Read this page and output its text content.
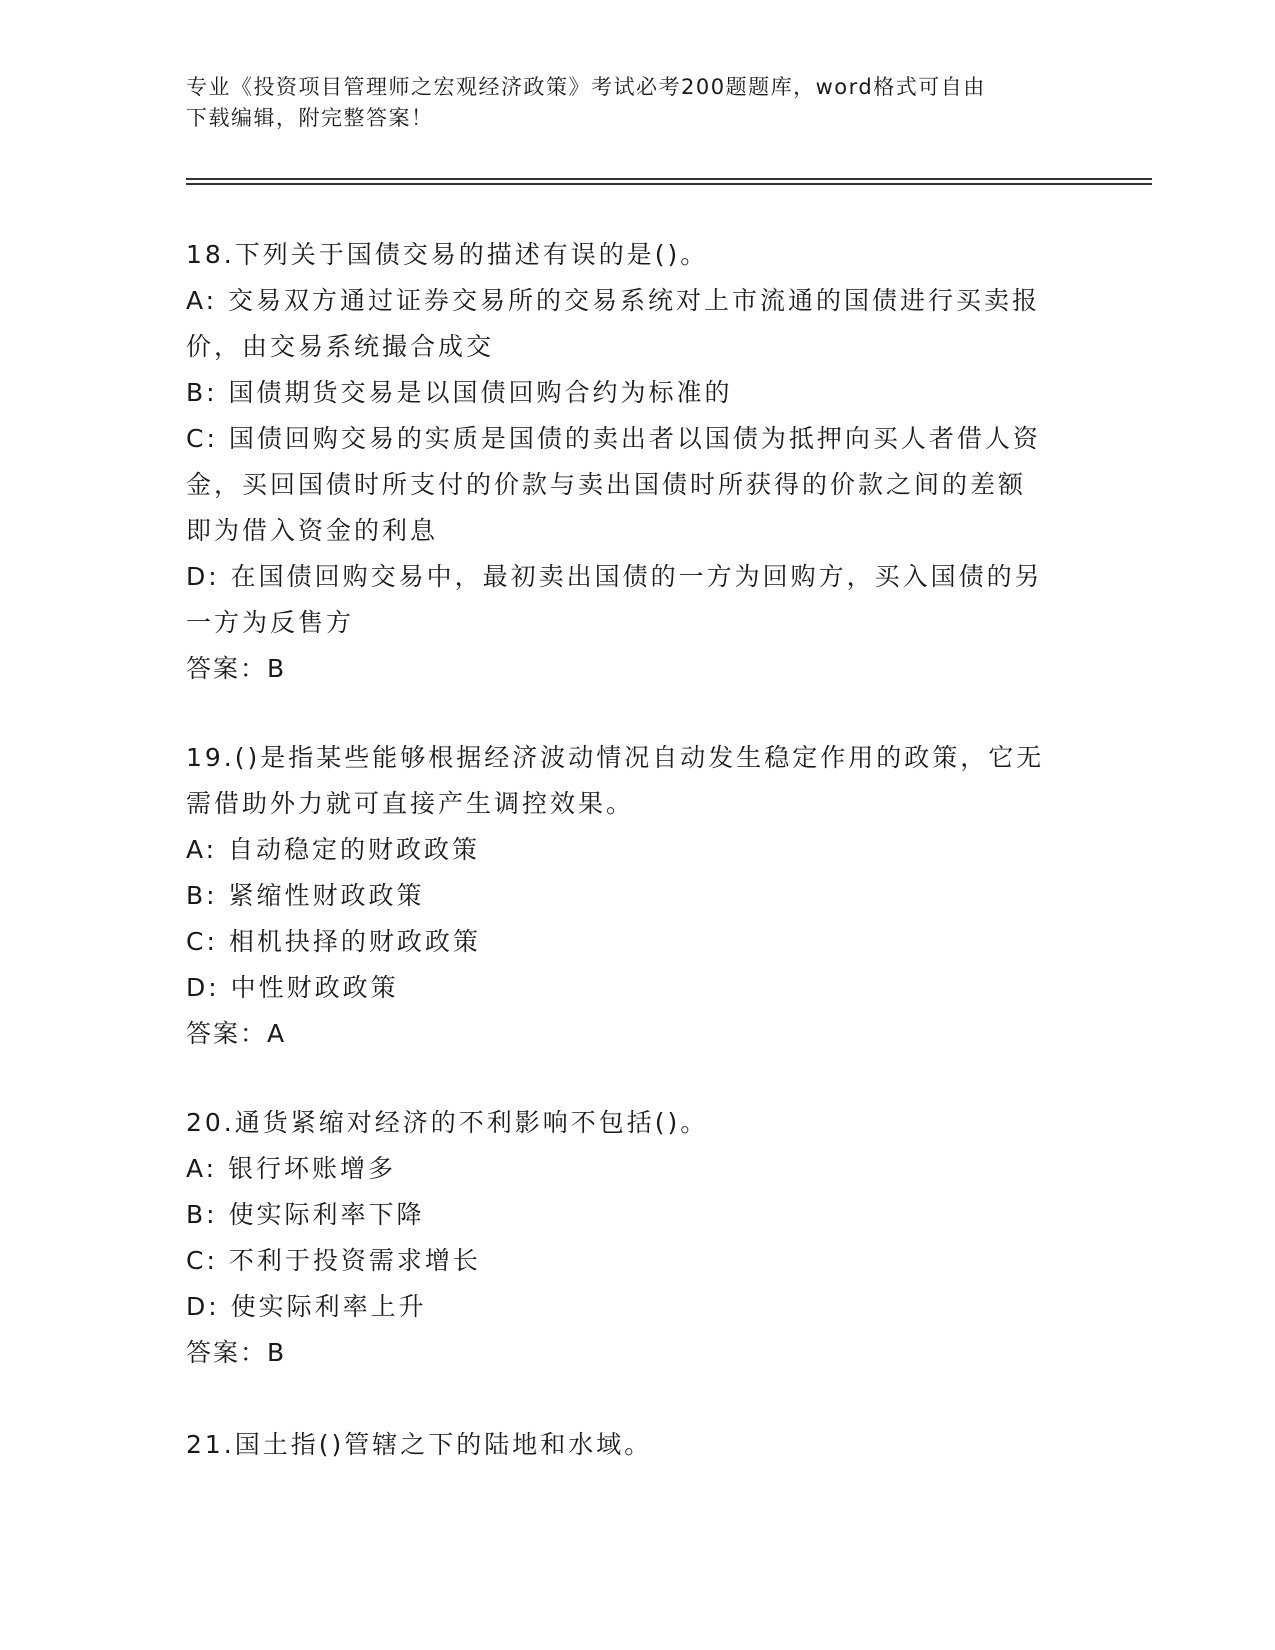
专业《投资项目管理师之宏观经济政策》考试必考200题题库，word格式可自由
下载编辑，附完整答案！

18.下列关于国债交易的描述有误的是()。

A: 交易双方通过证券交易所的交易系统对上市流通的国债进行买卖报

价，由交易系统撮合成交

B: 国债期货交易是以国债回购合约为标准的

C: 国债回购交易的实质是国债的卖出者以国债为抵押向买人者借人资

金，买回国债时所支付的价款与卖出国债时所获得的价款之间的差额

即为借入资金的利息

D: 在国债回购交易中，最初卖出国债的一方为回购方，买入国债的另

一方为反售方

答案：B

19.()是指某些能够根据经济波动情况自动发生稳定作用的政策，它无

需借助外力就可直接产生调控效果。

A: 自动稳定的财政政策

B: 紧缩性财政政策

C: 相机抉择的财政政策

D: 中性财政政策

答案：A

20.通货紧缩对经济的不利影响不包括()。

A: 银行坏账增多

B: 使实际利率下降

C: 不利于投资需求增长

D: 使实际利率上升

答案：B

21.国土指()管辖之下的陆地和水域。
